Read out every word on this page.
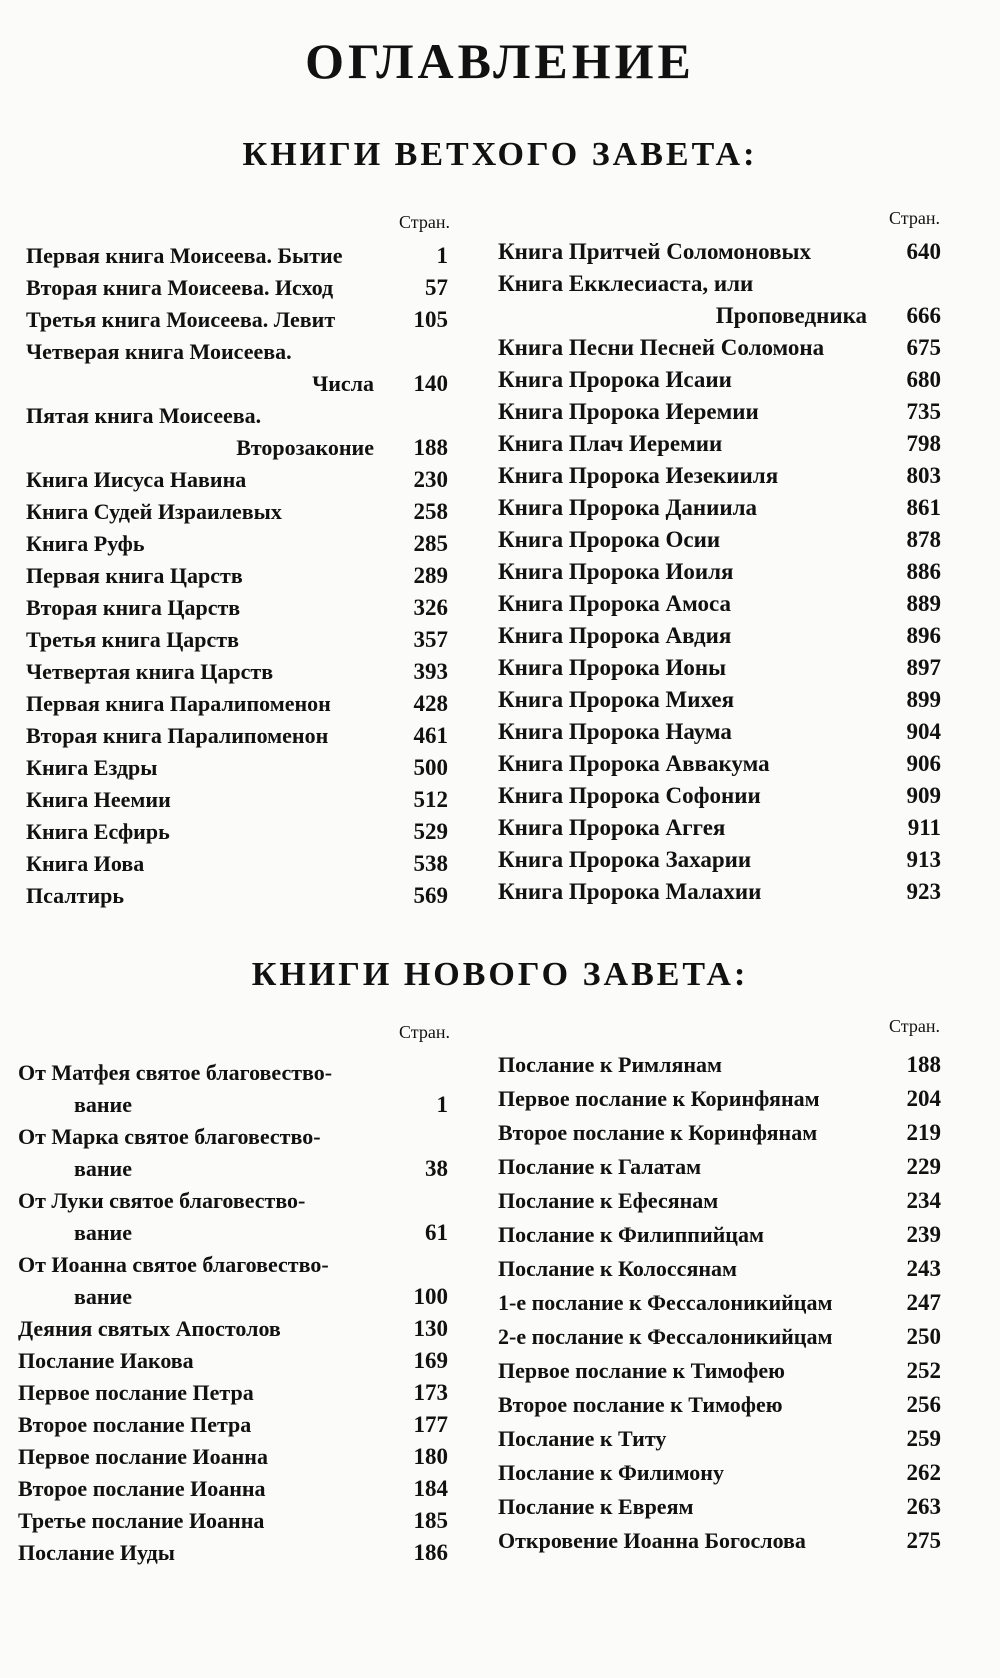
ОГЛАВЛЕНИЕ
КНИГИ ВЕТХОГО ЗАВЕТА:
Стран.	Стран.
Первая книга Моисеева. Бытие	1
Вторая книга Моисеева. Исход	57
Третья книга Моисеева. Левит	105
Четверая книга Моисеева.
Числа 140
Пятая книга Моисеева.
Второзаконие 188
Книга Иисуса Навина	230
Книга Судей Израилевых	258
Книга Руфь	285
Первая книга Царств	289
Вторая книга Царств	326
Третья книга Царств	357
Четвертая книга Царств	393
Первая книга Паралипоменон	428
Вторая книга Паралипоменон	461
Книга Ездры	500
Книга Неемии	512
Книга Есфирь	529
Книга Иова	538
Псалтирь	569
Книга Притчей Соломоновых	640
Книга Екклесиаста, или
Проповедника 666
Книга Песни Песней Соломона	675
Книга Пророка Исаии	680
Книга Пророка Иеремии	735
Книга Плач Иеремии	798
Книга Пророка Иезекииля	803
Книга Пророка Даниила	861
Книга Пророка Осии	878
Книга Пророка Иоиля	886
Книга Пророка Амоса	889
Книга Пророка Авдия	896
Книга Пророка Ионы	897
Книга Пророка Михея	899
Книга Пророка Наума	904
Книга Пророка Аввакума	906
Книга Пророка Софонии	909
Книга Пророка Аггея	911
Книга Пророка Захарии	913
Книга Пророка Малахии	923
КНИГИ НОВОГО ЗАВЕТА:
Стран.	Стран.
От Матфея святое благовество-
вание	1
От Марка святое благовество-
вание	38
От Луки святое благовество-
вание	61
От Иоанна святое благовество-
вание	100
Деяния святых Апостолов	130
Послание Иакова	169
Первое послание Петра	173
Второе послание Петра	177
Первое послание Иоанна	180
Второе послание Иоанна	184
Третье послание Иоанна	185
Послание Иуды	186
Послание к Римлянам	188
Первое послание к Коринфянам	204
Второе послание к Коринфянам	219
Послание к Галатам	229
Послание к Ефесянам	234
Послание к Филиппийцам	239
Послание к Колоссянам	243
1-е послание к Фессалоникийцам	247
2-е послание к Фессалоникийцам	250
Первое послание к Тимофею	252
Второе послание к Тимофею	256
Послание к Титу	259
Послание к Филимону	262
Послание к Евреям	263
Откровение Иоанна Богослова	275
